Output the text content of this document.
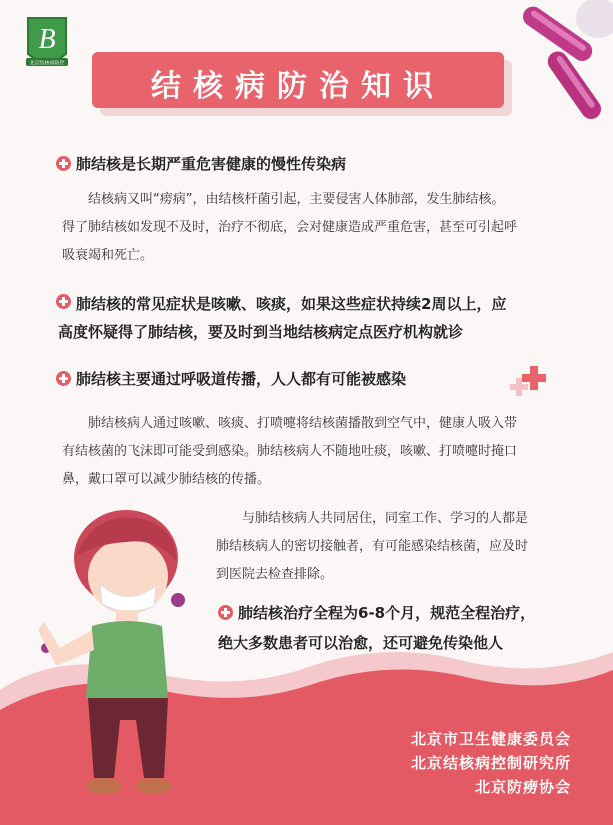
B
北京结核病防控
结核病防治知识
肺结核是长期严重危害健康的慢性传染病
结核病又叫“痨病”，由结核杆菌引起，主要侵害人体肺部，发生肺结核。
得了肺结核如发现不及时，治疗不彻底，会对健康造成严重危害，甚至可引起呼
吸衰竭和死亡。
肺结核的常见症状是咳嗽、咳痰，如果这些症状持续2周以上，应
高度怀疑得了肺结核，要及时到当地结核病定点医疗机构就诊
肺结核主要通过呼吸道传播，人人都有可能被感染
肺结核病人通过咳嗽、咳痰、打喷嚏将结核菌播散到空气中，健康人吸入带
有结核菌的飞沫即可能受到感染。肺结核病人不随地吐痰，咳嗽、打喷嚏时掩口
鼻，戴口罩可以减少肺结核的传播。
与肺结核病人共同居住，同室工作、学习的人都是
肺结核病人的密切接触者，有可能感染结核菌，应及时
到医院去检查排除。
肺结核治疗全程为6-8个月，规范全程治疗，
绝大多数患者可以治愈，还可避免传染他人
北京市卫生健康委员会
北京结核病控制研究所
北京防痨协会
